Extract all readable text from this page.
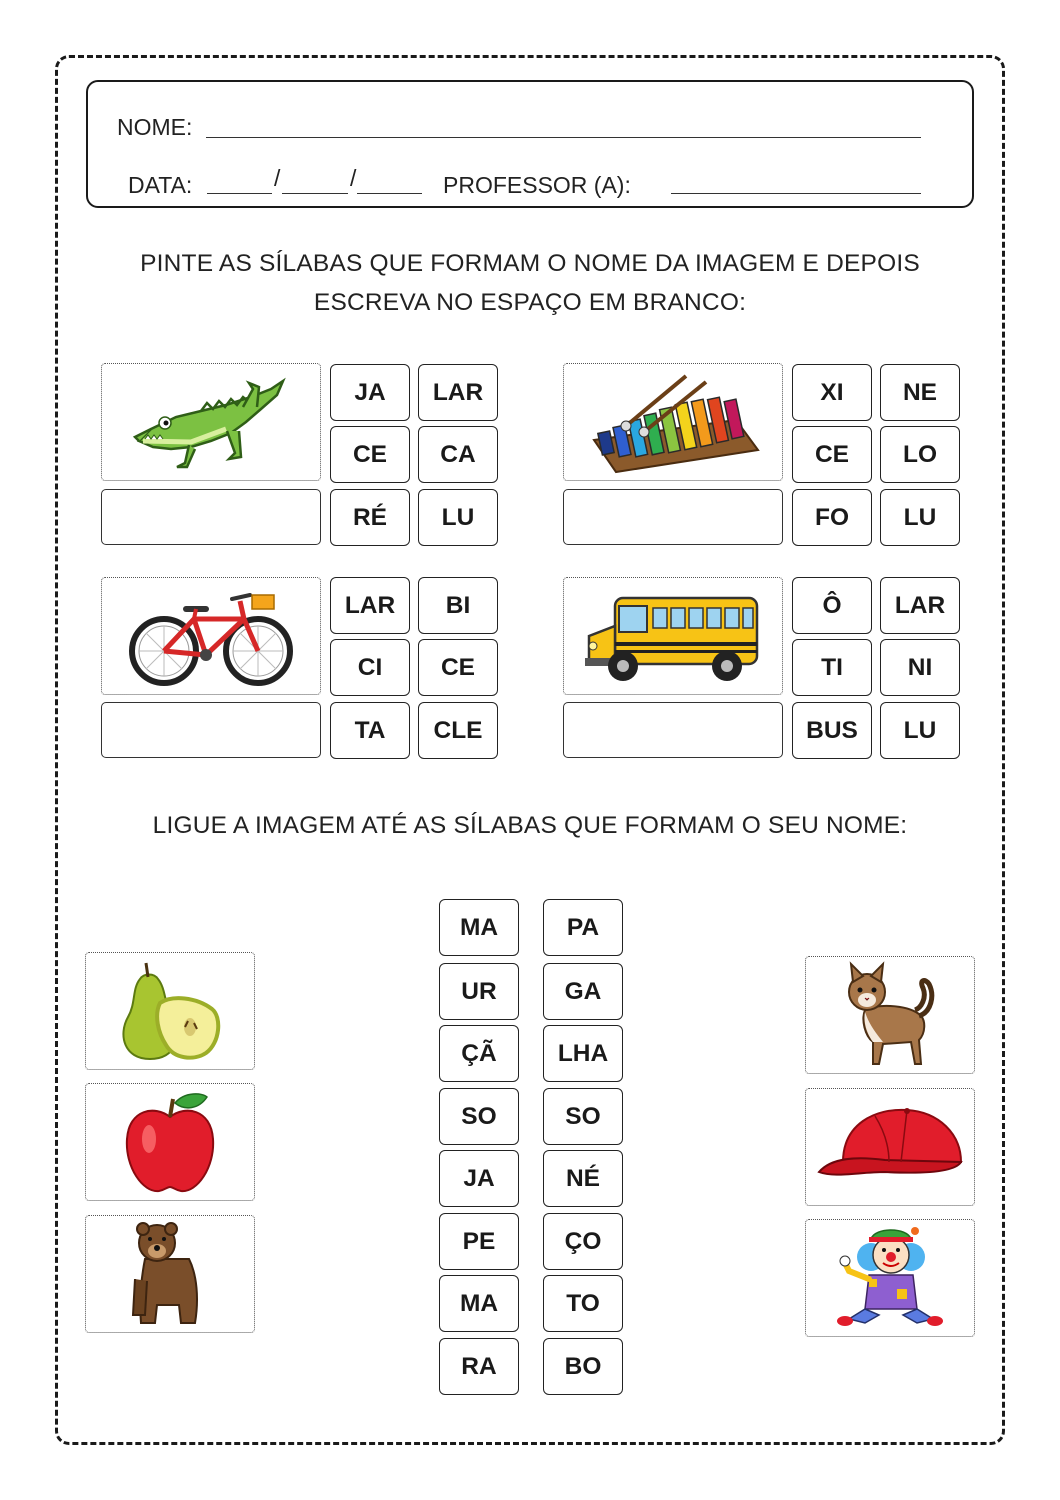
NOME:
DATA:	/	/	PROFESSOR (A):
PINTE AS SÍLABAS QUE FORMAM O NOME DA IMAGEM E DEPOIS
ESCREVA NO ESPAÇO EM BRANCO:
JA	LAR
CE	CA
RÉ	LU
XI	NE
CE	LO
FO	LU
LAR	BI
CI	CE
TA	CLE
Ô	LAR
TI	NI
BUS	LU
LIGUE A IMAGEM ATÉ AS SÍLABAS QUE FORMAM O SEU NOME:
MA
UR
ÇÃ
SO
JA
PE
MA
RA
PA
GA
LHA
SO
NÉ
ÇO
TO
BO
